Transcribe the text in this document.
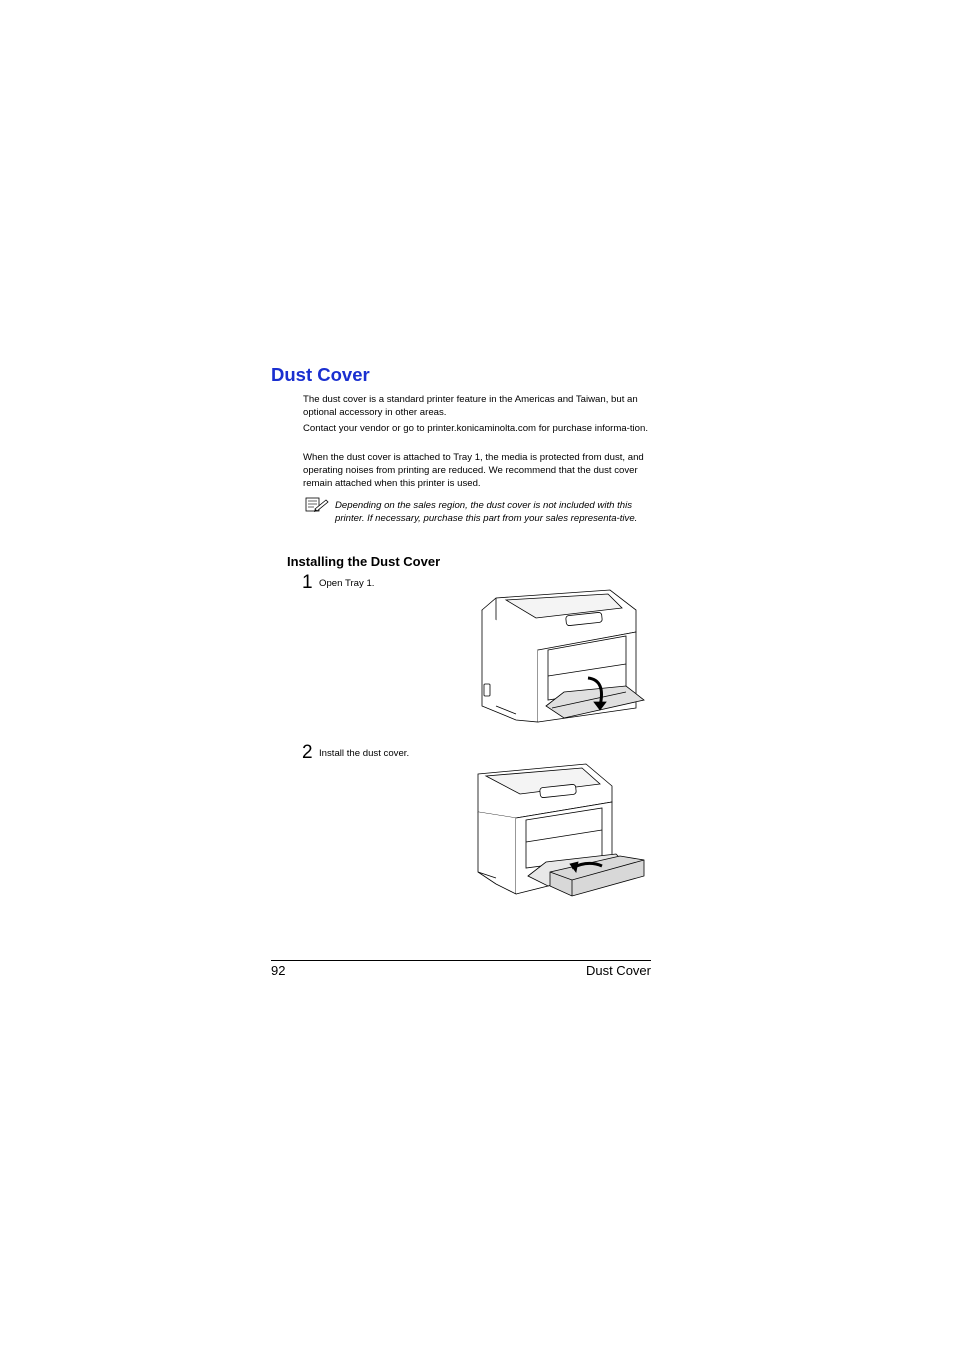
Dust Cover

The dust cover is a standard printer feature in the Americas and Taiwan, but an optional accessory in other areas.

Contact your vendor or go to printer.konicaminolta.com for purchase informa-tion.

When the dust cover is attached to Tray 1, the media is protected from dust, and operating noises from printing are reduced. We recommend that the dust cover remain attached when this printer is used.

Depending on the sales region, the dust cover is not included with this printer. If necessary, purchase this part from your sales representa-tive.

Installing the Dust Cover
1 Open Tray 1.
2 Install the dust cover.
92	Dust Cover
